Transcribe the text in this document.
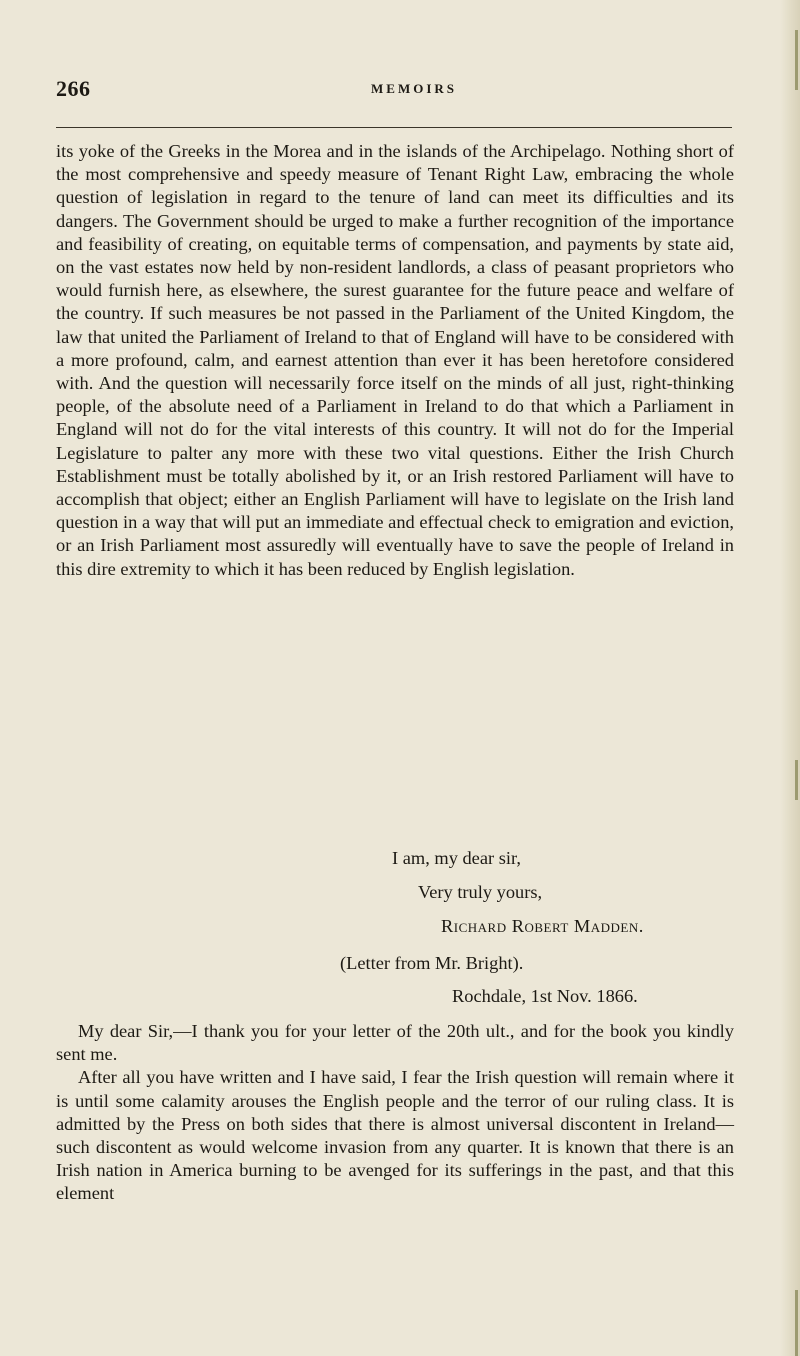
266	MEMOIRS

its yoke of the Greeks in the Morea and in the islands of the Archipelago. Nothing short of the most comprehensive and speedy measure of Tenant Right Law, embracing the whole question of legislation in regard to the tenure of land can meet its difficulties and its dangers. The Government should be urged to make a further recognition of the importance and feasibility of creating, on equitable terms of compensation, and payments by state aid, on the vast estates now held by non-resident landlords, a class of peasant proprietors who would furnish here, as elsewhere, the surest guarantee for the future peace and welfare of the country. If such measures be not passed in the Parliament of the United Kingdom, the law that united the Parliament of Ireland to that of England will have to be considered with a more profound, calm, and earnest attention than ever it has been heretofore considered with. And the question will necessarily force itself on the minds of all just, right-thinking people, of the absolute need of a Parliament in Ireland to do that which a Parliament in England will not do for the vital interests of this country. It will not do for the Imperial Legislature to palter any more with these two vital questions. Either the Irish Church Establishment must be totally abolished by it, or an Irish restored Parliament will have to accomplish that object; either an English Parliament will have to legislate on the Irish land question in a way that will put an immediate and effectual check to emigration and eviction, or an Irish Parliament most assuredly will eventually have to save the people of Ireland in this dire extremity to which it has been reduced by English legislation.

I am, my dear sir,

Very truly yours,

Richard Robert Madden.

(Letter from Mr. Bright).

Rochdale, 1st Nov. 1866.

My dear Sir,—I thank you for your letter of the 20th ult., and for the book you kindly sent me.

After all you have written and I have said, I fear the Irish question will remain where it is until some calamity arouses the English people and the terror of our ruling class. It is admitted by the Press on both sides that there is almost universal discontent in Ireland—such discontent as would welcome invasion from any quarter. It is known that there is an Irish nation in America burning to be avenged for its sufferings in the past, and that this element
